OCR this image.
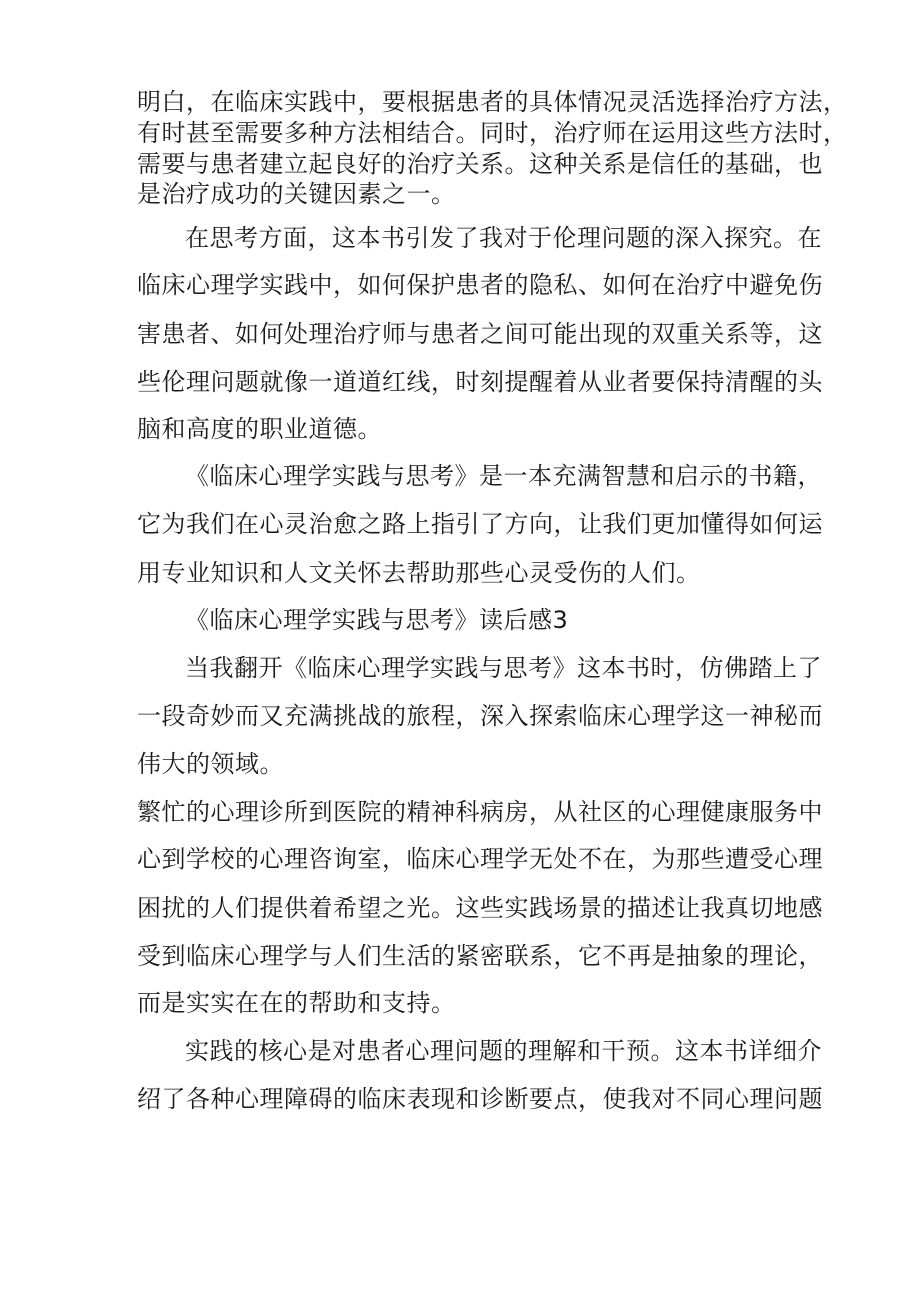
明白，在临床实践中，要根据患者的具体情况灵活选择治疗方法，
有时甚至需要多种方法相结合。同时，治疗师在运用这些方法时，
需要与患者建立起良好的治疗关系。这种关系是信任的基础，也
是治疗成功的关键因素之一。
在思考方面，这本书引发了我对于伦理问题的深入探究。在
临床心理学实践中，如何保护患者的隐私、如何在治疗中避免伤
害患者、如何处理治疗师与患者之间可能出现的双重关系等，这
些伦理问题就像一道道红线，时刻提醒着从业者要保持清醒的头
脑和高度的职业道德。
《临床心理学实践与思考》是一本充满智慧和启示的书籍，
它为我们在心灵治愈之路上指引了方向，让我们更加懂得如何运
用专业知识和人文关怀去帮助那些心灵受伤的人们。
《临床心理学实践与思考》读后感3
当我翻开《临床心理学实践与思考》这本书时，仿佛踏上了
一段奇妙而又充满挑战的旅程，深入探索临床心理学这一神秘而
伟大的领域。
繁忙的心理诊所到医院的精神科病房，从社区的心理健康服务中
心到学校的心理咨询室，临床心理学无处不在，为那些遭受心理
困扰的人们提供着希望之光。这些实践场景的描述让我真切地感
受到临床心理学与人们生活的紧密联系，它不再是抽象的理论，
而是实实在在的帮助和支持。
实践的核心是对患者心理问题的理解和干预。这本书详细介
绍了各种心理障碍的临床表现和诊断要点，使我对不同心理问题
